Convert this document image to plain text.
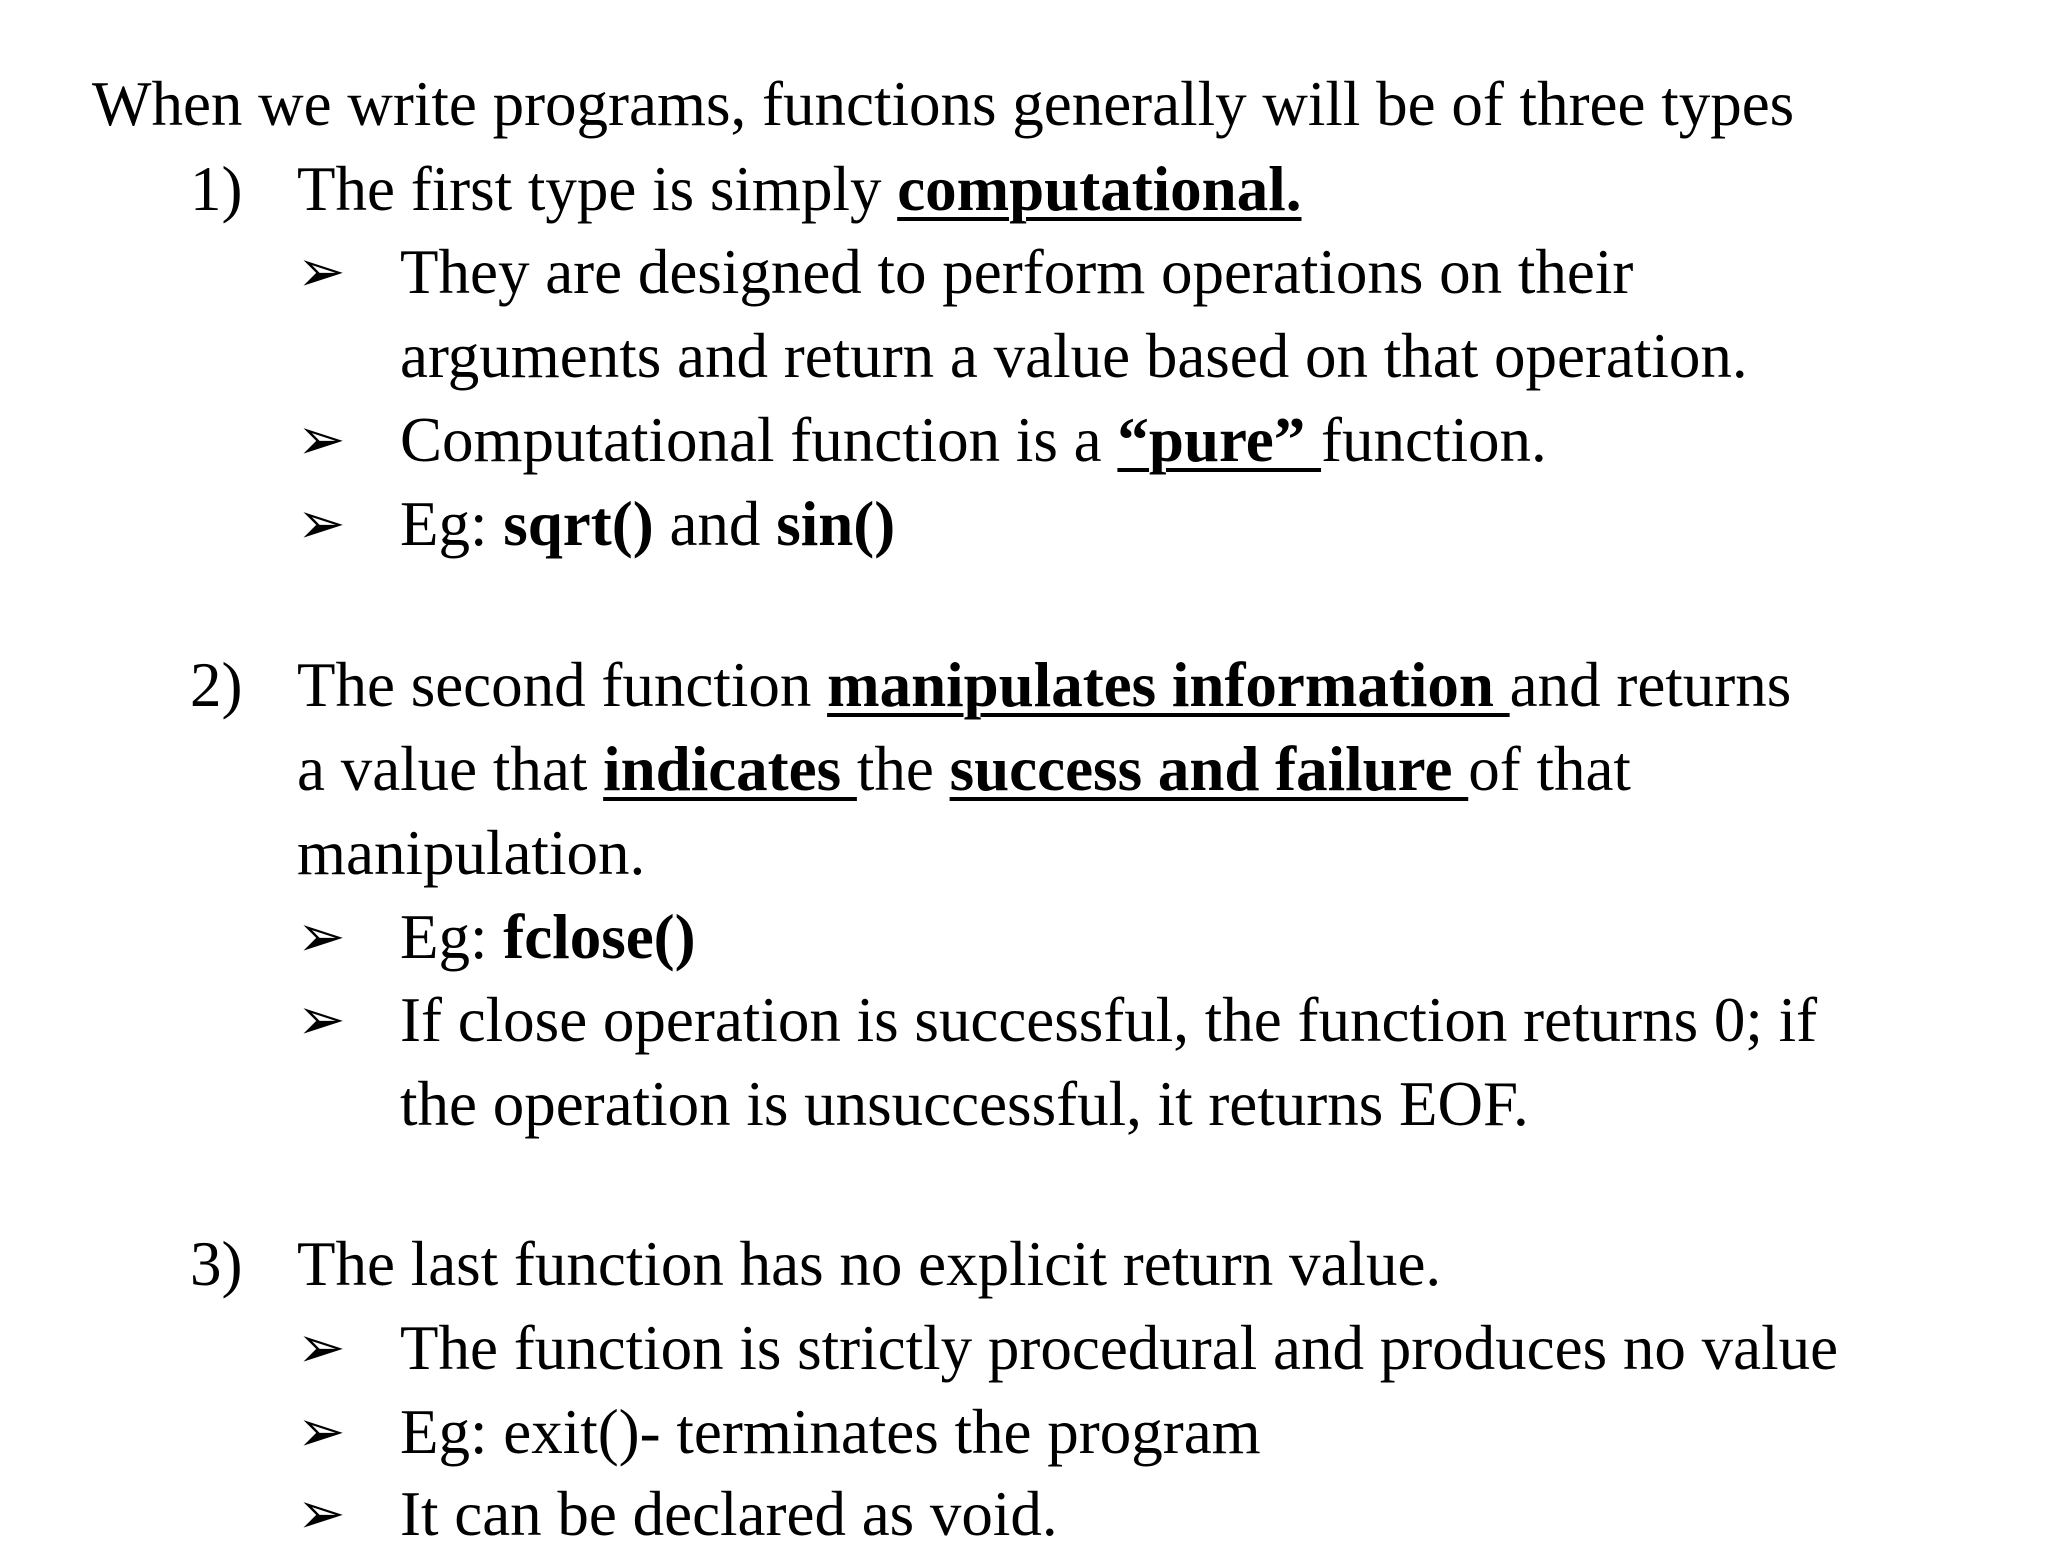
When we write programs, functions generally will be of three types

1) The first type is simply computational.

➢ They are designed to perform operations on their

arguments and return a value based on that operation.

➢ Computational function is a “pure” function.

➢ Eg: sqrt() and sin()

2) The second function manipulates information and returns

a value that indicates the success and failure of that

manipulation.

➢ Eg: fclose()

➢ If close operation is successful, the function returns 0; if

the operation is unsuccessful, it returns EOF.

3) The last function has no explicit return value.

➢ The function is strictly procedural and produces no value

➢ Eg: exit()- terminates the program

➢ It can be declared as void.
